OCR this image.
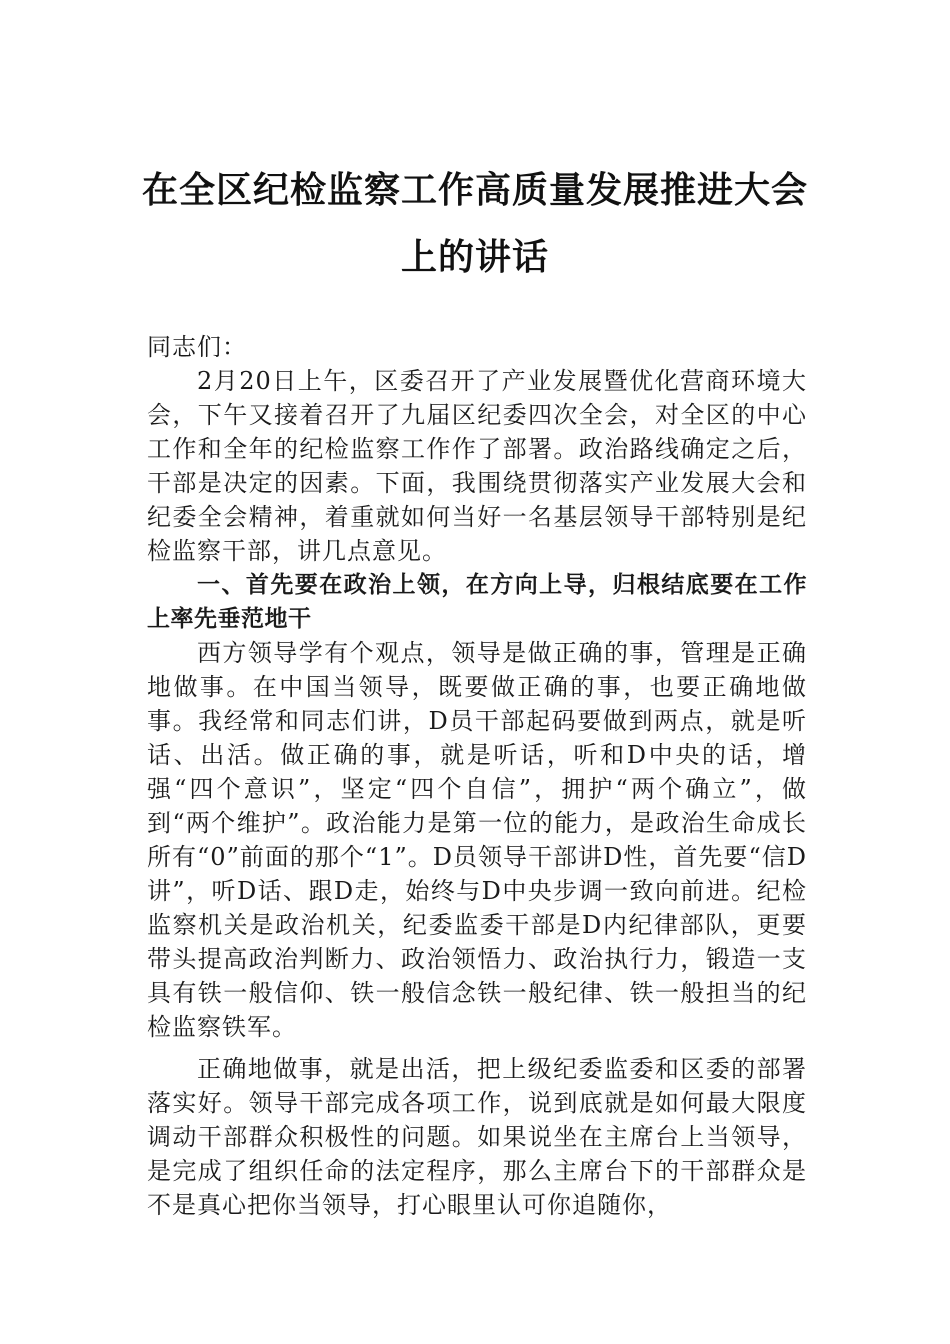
在全区纪检监察工作高质量发展推进大会
上的讲话

同志们：

2月20日上午，区委召开了产业发展暨优化营商环境大会，下午又接着召开了九届区纪委四次全会，对全区的中心工作和全年的纪检监察工作作了部署。政治路线确定之后，干部是决定的因素。下面，我围绕贯彻落实产业发展大会和纪委全会精神，着重就如何当好一名基层领导干部特别是纪检监察干部，讲几点意见。

一、首先要在政治上领，在方向上导，归根结底要在工作上率先垂范地干

西方领导学有个观点，领导是做正确的事，管理是正确地做事。在中国当领导，既要做正确的事，也要正确地做事。我经常和同志们讲，D员干部起码要做到两点，就是听话、出活。做正确的事，就是听话，听和D中央的话，增强“四个意识”，坚定“四个自信”，拥护“两个确立”，做到“两个维护”。政治能力是第一位的能力，是政治生命成长所有“0”前面的那个“1”。D员领导干部讲D性，首先要“信D讲”，听D话、跟D走，始终与D中央步调一致向前进。纪检监察机关是政治机关，纪委监委干部是D内纪律部队，更要带头提高政治判断力、政治领悟力、政治执行力，锻造一支具有铁一般信仰、铁一般信念铁一般纪律、铁一般担当的纪检监察铁军。

正确地做事，就是出活，把上级纪委监委和区委的部署落实好。领导干部完成各项工作，说到底就是如何最大限度调动干部群众积极性的问题。如果说坐在主席台上当领导，是完成了组织任命的法定程序，那么主席台下的干部群众是不是真心把你当领导，打心眼里认可你追随你，
